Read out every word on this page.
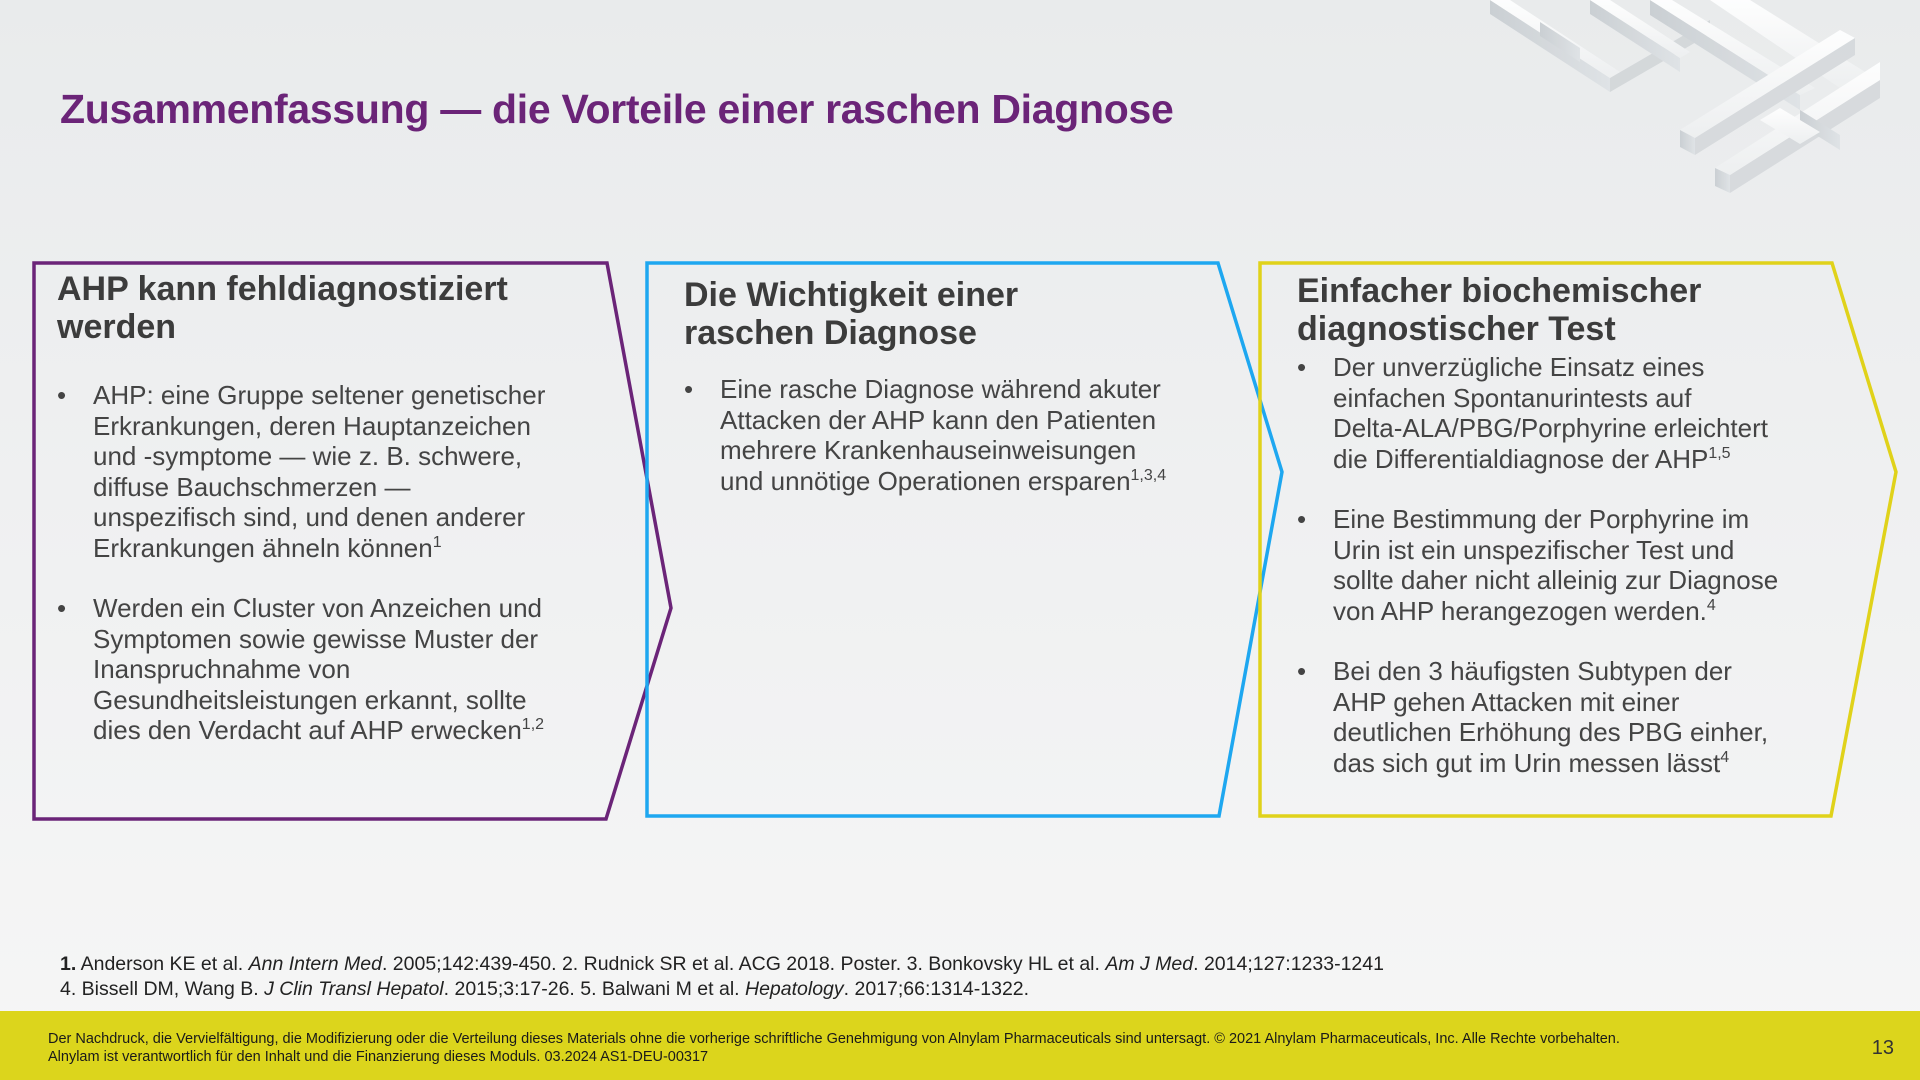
Zusammenfassung — die Vorteile einer raschen Diagnose
AHP kann fehldiagnostiziert
werden
• AHP: eine Gruppe seltener genetischer
Erkrankungen, deren Hauptanzeichen
und -symptome — wie z. B. schwere,
diffuse Bauchschmerzen —
unspezifisch sind, und denen anderer
Erkrankungen ähneln können$^1$
• Werden ein Cluster von Anzeichen und
Symptomen sowie gewisse Muster der
Inanspruchnahme von
Gesundheitsleistungen erkannt, sollte
dies den Verdacht auf AHP erwecken$^{1,2}$
Die Wichtigkeit einer
raschen Diagnose
• Eine rasche Diagnose während akuter
Attacken der AHP kann den Patienten
mehrere Krankenhauseinweisungen
und unnötige Operationen ersparen$^{1,3,4}$
Einfacher biochemischer
diagnostischer Test
• Der unverzügliche Einsatz eines
einfachen Spontanurintests auf
Delta-ALA/PBG/Porphyrine erleichtert
die Differentialdiagnose der AHP$^{1,5}$
• Eine Bestimmung der Porphyrine im
Urin ist ein unspezifischer Test und
sollte daher nicht alleinig zur Diagnose
von AHP herangezogen werden.$^4$
• Bei den 3 häufigsten Subtypen der
AHP gehen Attacken mit einer
deutlichen Erhöhung des PBG einher,
das sich gut im Urin messen lässt$^4$
1. Anderson KE et al. Ann Intern Med. 2005;142:439-450. 2. Rudnick SR et al. ACG 2018. Poster. 3. Bonkovsky HL et al. Am J Med. 2014;127:1233-1241
4. Bissell DM, Wang B. J Clin Transl Hepatol. 2015;3:17-26. 5. Balwani M et al. Hepatology. 2017;66:1314-1322.
Der Nachdruck, die Vervielfältigung, die Modifizierung oder die Verteilung dieses Materials ohne die vorherige schriftliche Genehmigung von Alnylam Pharmaceuticals sind untersagt. © 2021 Alnylam Pharmaceuticals, Inc. Alle Rechte vorbehalten.
Alnylam ist verantwortlich für den Inhalt und die Finanzierung dieses Moduls. 03.2024 AS1-DEU-00317	13
